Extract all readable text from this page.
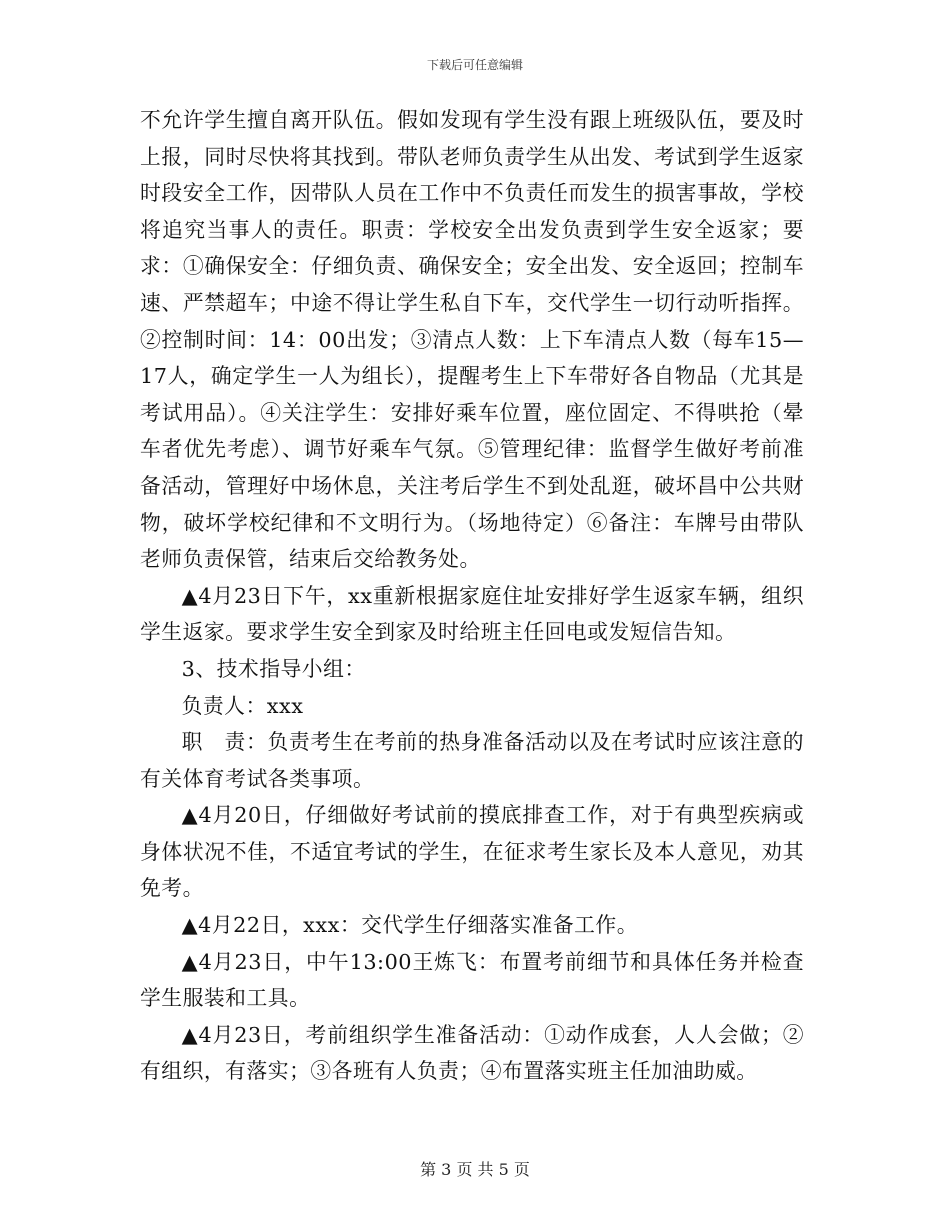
下载后可任意编辑

不允许学生擅自离开队伍。假如发现有学生没有跟上班级队伍，要及时上报，同时尽快将其找到。带队老师负责学生从出发、考试到学生返家时段安全工作，因带队人员在工作中不负责任而发生的损害事故，学校将追究当事人的责任。职责：学校安全出发负责到学生安全返家；要求：①确保安全：仔细负责、确保安全；安全出发、安全返回；控制车速、严禁超车；中途不得让学生私自下车，交代学生一切行动听指挥。②控制时间：14：00出发；③清点人数：上下车清点人数（每车15—17人，确定学生一人为组长），提醒考生上下车带好各自物品（尤其是考试用品）。④关注学生：安排好乘车位置，座位固定、不得哄抢（晕车者优先考虑）、调节好乘车气氛。⑤管理纪律：监督学生做好考前准备活动，管理好中场休息，关注考后学生不到处乱逛，破坏昌中公共财物，破坏学校纪律和不文明行为。（场地待定）⑥备注：车牌号由带队老师负责保管，结束后交给教务处。

▲4月23日下午，xx重新根据家庭住址安排好学生返家车辆，组织学生返家。要求学生安全到家及时给班主任回电或发短信告知。

3、技术指导小组：

负责人：xxx

职　责：负责考生在考前的热身准备活动以及在考试时应该注意的有关体育考试各类事项。

▲4月20日，仔细做好考试前的摸底排查工作，对于有典型疾病或身体状况不佳，不适宜考试的学生，在征求考生家长及本人意见，劝其免考。

▲4月22日，xxx：交代学生仔细落实准备工作。

▲4月23日，中午13:00王炼飞：布置考前细节和具体任务并检查学生服装和工具。

▲4月23日，考前组织学生准备活动：①动作成套，人人会做；②有组织，有落实；③各班有人负责；④布置落实班主任加油助威。

第 3 页 共 5 页
